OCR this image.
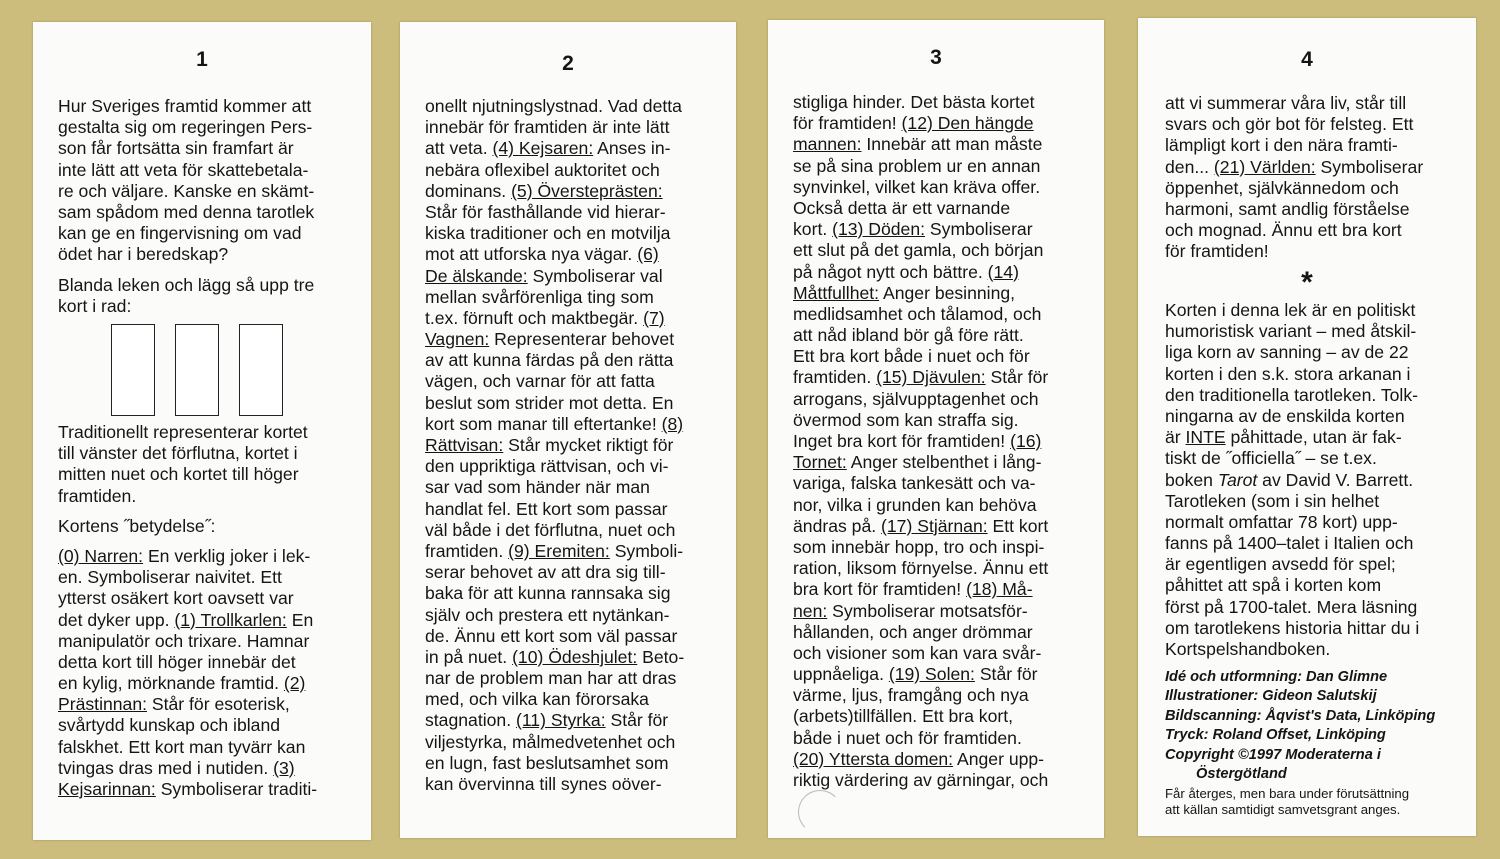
1
Hur Sveriges framtid kommer att
gestalta sig om regeringen Pers-
son får fortsätta sin framfart är
inte lätt att veta för skattebetala-
re och väljare. Kanske en skämt-
sam spådom med denna tarotlek
kan ge en fingervisning om vad
ödet har i beredskap?
Blanda leken och lägg så upp tre
kort i rad:
Traditionellt representerar kortet
till vänster det förflutna, kortet i
mitten nuet och kortet till höger
framtiden.
Kortens ˝betydelse˝:
(0) Narren: En verklig joker i lek-
en. Symboliserar naivitet. Ett
ytterst osäkert kort oavsett var
det dyker upp. (1) Trollkarlen: En
manipulatör och trixare. Hamnar
detta kort till höger innebär det
en kylig, mörknande framtid. (2)
Prästinnan: Står för esoterisk,
svårtydd kunskap och ibland
falskhet. Ett kort man tyvärr kan
tvingas dras med i nutiden. (3)
Kejsarinnan: Symboliserar traditi-
2
onellt njutningslystnad. Vad detta
innebär för framtiden är inte lätt
att veta. (4) Kejsaren: Anses in-
nebära oflexibel auktoritet och
dominans. (5) Översteprästen:
Står för fasthållande vid hierar-
kiska traditioner och en motvilja
mot att utforska nya vägar. (6)
De älskande: Symboliserar val
mellan svårförenliga ting som
t.ex. förnuft och maktbegär. (7)
Vagnen: Representerar behovet
av att kunna färdas på den rätta
vägen, och varnar för att fatta
beslut som strider mot detta. En
kort som manar till eftertanke! (8)
Rättvisan: Står mycket riktigt för
den uppriktiga rättvisan, och vi-
sar vad som händer när man
handlat fel. Ett kort som passar
väl både i det förflutna, nuet och
framtiden. (9) Eremiten: Symboli-
serar behovet av att dra sig till-
baka för att kunna rannsaka sig
själv och prestera ett nytänkan-
de. Ännu ett kort som väl passar
in på nuet. (10) Ödeshjulet: Beto-
nar de problem man har att dras
med, och vilka kan förorsaka
stagnation. (11) Styrka: Står för
viljestyrka, målmedvetenhet och
en lugn, fast beslutsamhet som
kan övervinna till synes oöver-
3
stigliga hinder. Det bästa kortet
för framtiden! (12) Den hängde
mannen: Innebär att man måste
se på sina problem ur en annan
synvinkel, vilket kan kräva offer.
Också detta är ett varnande
kort. (13) Döden: Symboliserar
ett slut på det gamla, och början
på något nytt och bättre. (14)
Måttfullhet: Anger besinning,
medlidsamhet och tålamod, och
att nåd ibland bör gå före rätt.
Ett bra kort både i nuet och för
framtiden. (15) Djävulen: Står för
arrogans, självupptagenhet och
övermod som kan straffa sig.
Inget bra kort för framtiden! (16)
Tornet: Anger stelbenthet i lång-
variga, falska tankesätt och va-
nor, vilka i grunden kan behöva
ändras på. (17) Stjärnan: Ett kort
som innebär hopp, tro och inspi-
ration, liksom förnyelse. Ännu ett
bra kort för framtiden! (18) Må-
nen: Symboliserar motsatsför-
hållanden, och anger drömmar
och visioner som kan vara svår-
uppnåeliga. (19) Solen: Står för
värme, ljus, framgång och nya
(arbets)tillfällen. Ett bra kort,
både i nuet och för framtiden.
(20) Yttersta domen: Anger upp-
riktig värdering av gärningar, och
4
att vi summerar våra liv, står till
svars och gör bot för felsteg. Ett
lämpligt kort i den nära framti-
den... (21) Världen: Symboliserar
öppenhet, självkännedom och
harmoni, samt andlig förståelse
och mognad. Ännu ett bra kort
för framtiden!
*
Korten i denna lek är en politiskt
humoristisk variant – med åtskil-
liga korn av sanning – av de 22
korten i den s.k. stora arkanan i
den traditionella tarotleken. Tolk-
ningarna av de enskilda korten
är INTE påhittade, utan är fak-
tiskt de ˝officiella˝ – se t.ex.
boken Tarot av David V. Barrett.
Tarotleken (som i sin helhet
normalt omfattar 78 kort) upp-
fanns på 1400–talet i Italien och
är egentligen avsedd för spel;
påhittet att spå i korten kom
först på 1700-talet. Mera läsning
om tarotlekens historia hittar du i
Kortspelshandboken.
Idé och utformning: Dan Glimne
Illustrationer: Gideon Salutskij
Bildscanning: Åqvist's Data, Linköping
Tryck: Roland Offset, Linköping
Copyright ©1997 Moderaterna i
Östergötland
Får återges, men bara under förutsättning
att källan samtidigt samvetsgrant anges.
